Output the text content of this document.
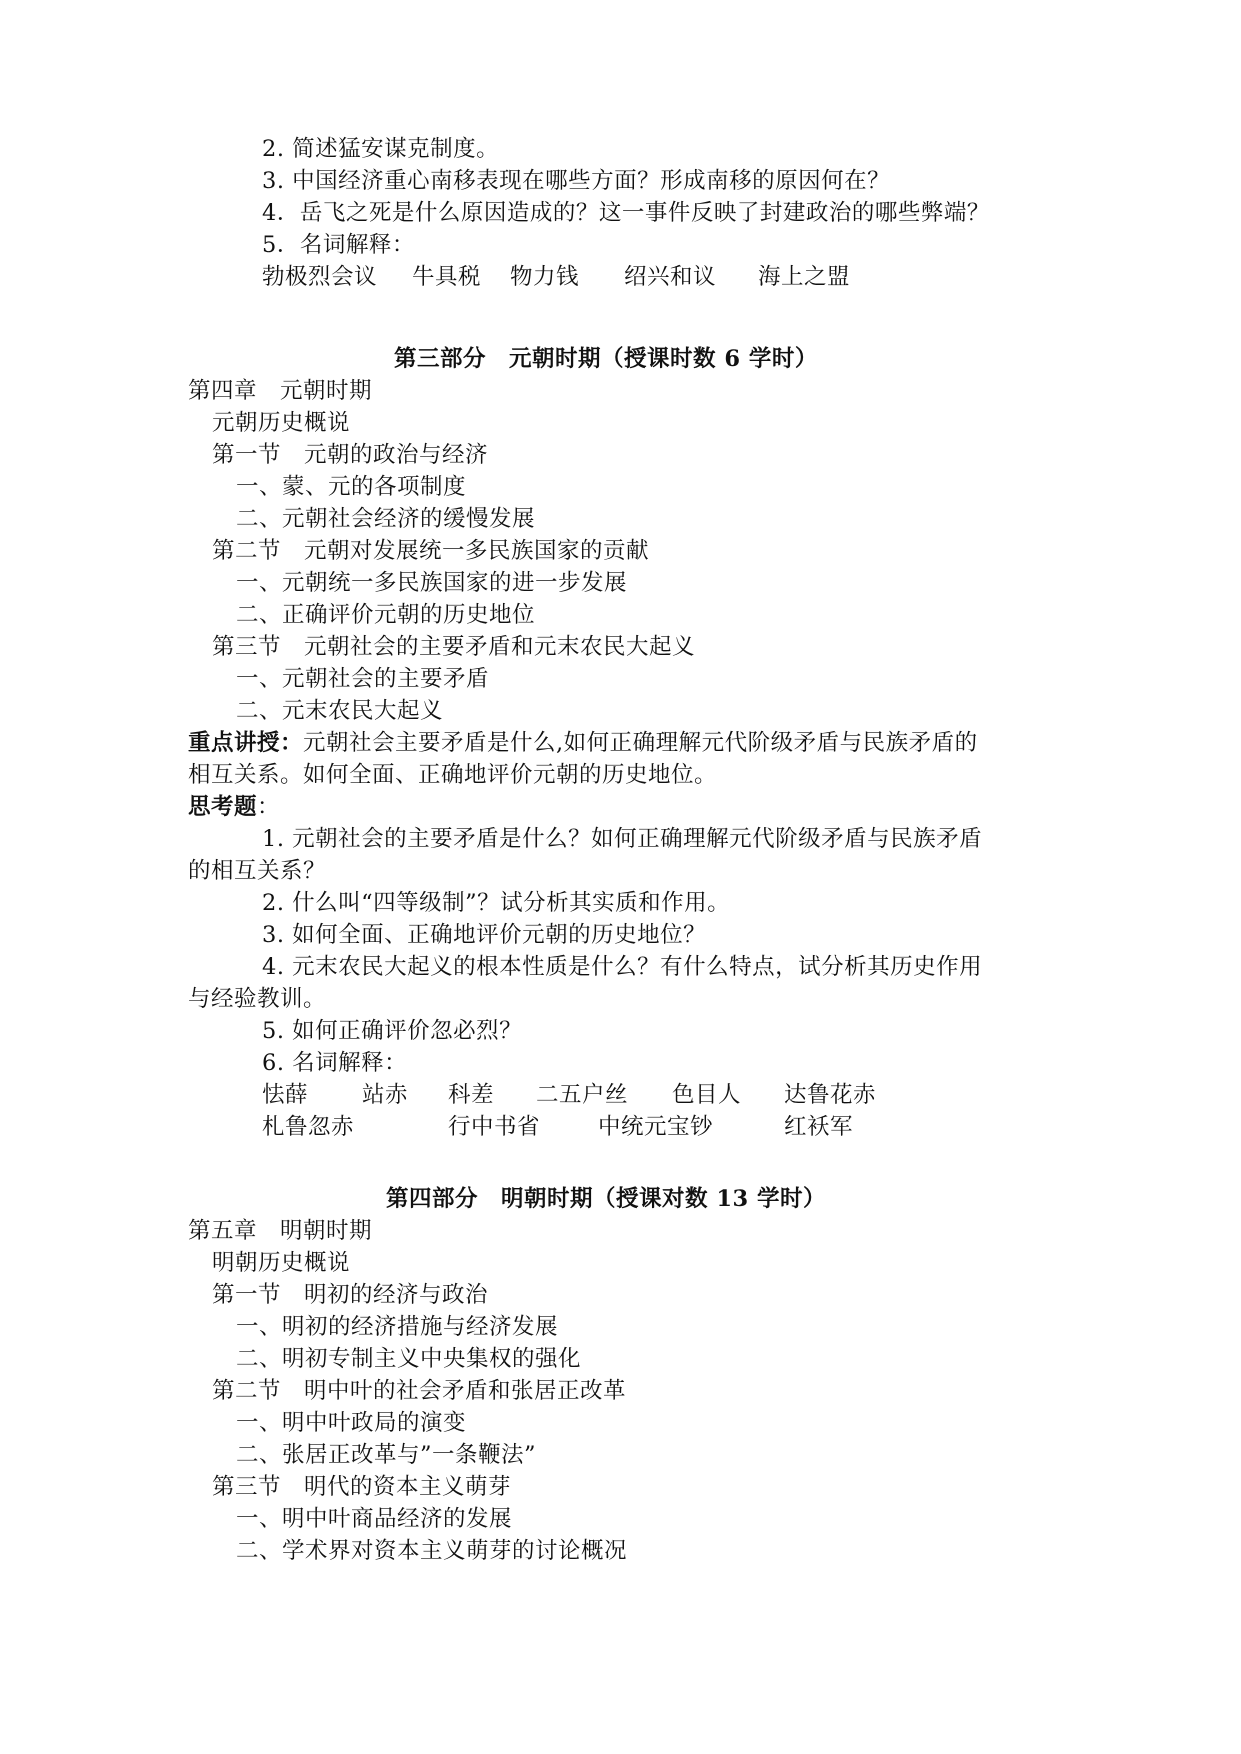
2. 简述猛安谋克制度。
3. 中国经济重心南移表现在哪些方面？形成南移的原因何在？
4．岳飞之死是什么原因造成的？这一事件反映了封建政治的哪些弊端？
5．名词解释：
勃极烈会议 牛具税 物力钱 绍兴和议 海上之盟
第三部分　元朝时期（授课时数 6 学时）
第四章　元朝时期
元朝历史概说
第一节　元朝的政治与经济
一、蒙、元的各项制度
二、元朝社会经济的缓慢发展
第二节　元朝对发展统一多民族国家的贡献
一、元朝统一多民族国家的进一步发展
二、正确评价元朝的历史地位
第三节　元朝社会的主要矛盾和元末农民大起义
一、元朝社会的主要矛盾
二、元末农民大起义
重点讲授：元朝社会主要矛盾是什么,如何正确理解元代阶级矛盾与民族矛盾的
相互关系。如何全面、正确地评价元朝的历史地位。
思考题：
1. 元朝社会的主要矛盾是什么？如何正确理解元代阶级矛盾与民族矛盾
的相互关系？
2. 什么叫“四等级制”？试分析其实质和作用。
3. 如何全面、正确地评价元朝的历史地位？
4. 元末农民大起义的根本性质是什么？有什么特点，试分析其历史作用
与经验教训。
5. 如何正确评价忽必烈？
6. 名词解释：
怯薛 站赤 科差 二五户丝 色目人 达鲁花赤
札鲁忽赤	行中书省	中统元宝钞	红袄军
第四部分　明朝时期（授课对数 13 学时）
第五章　明朝时期
明朝历史概说
第一节　明初的经济与政治
一、明初的经济措施与经济发展
二、明初专制主义中央集权的强化
第二节　明中叶的社会矛盾和张居正改革
一、明中叶政局的演变
二、张居正改革与”一条鞭法”
第三节　明代的资本主义萌芽
一、明中叶商品经济的发展
二、学术界对资本主义萌芽的讨论概况
